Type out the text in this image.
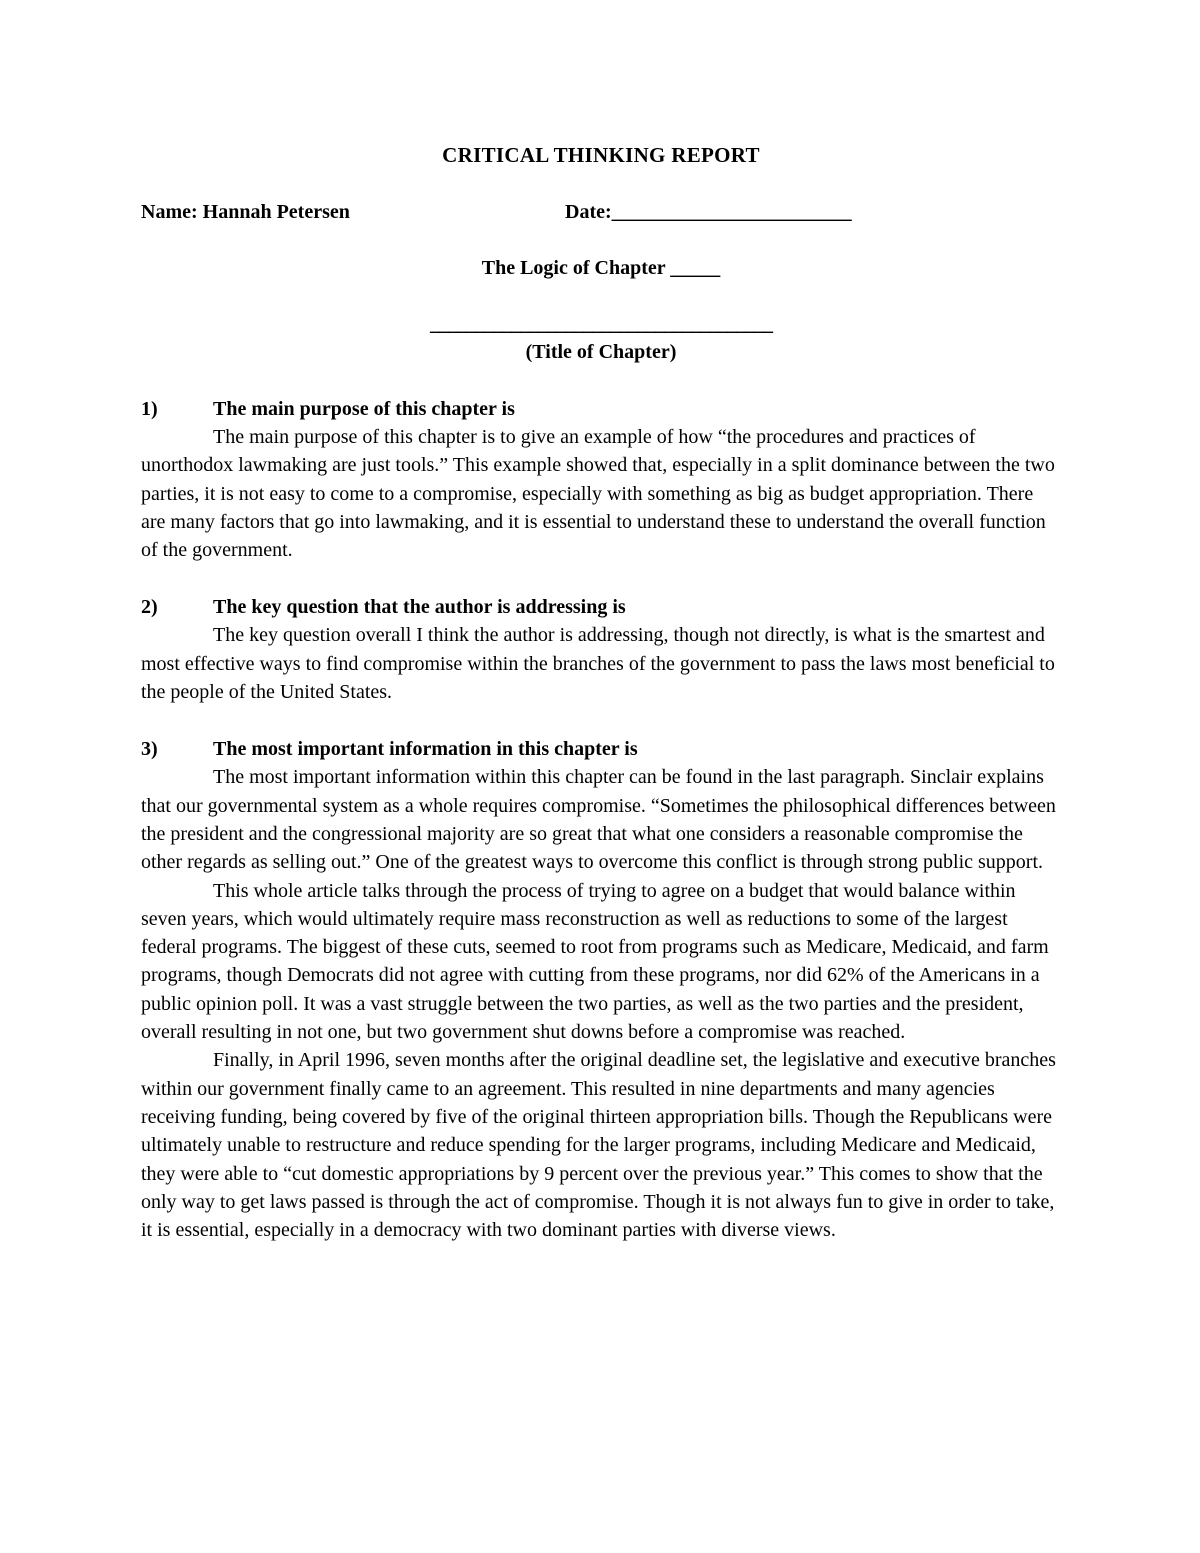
CRITICAL THINKING REPORT
Name: Hannah Petersen	Date:________________________
The Logic of Chapter _____
______________________________________
(Title of Chapter)
1)	The main purpose of this chapter is

The main purpose of this chapter is to give an example of how “the procedures and practices of unorthodox lawmaking are just tools.” This example showed that, especially in a split dominance between the two parties, it is not easy to come to a compromise, especially with something as big as budget appropriation. There are many factors that go into lawmaking, and it is essential to understand these to understand the overall function of the government.

2)	The key question that the author is addressing is

The key question overall I think the author is addressing, though not directly, is what is the smartest and most effective ways to find compromise within the branches of the government to pass the laws most beneficial to the people of the United States.

3)	The most important information in this chapter is

The most important information within this chapter can be found in the last paragraph. Sinclair explains that our governmental system as a whole requires compromise. “Sometimes the philosophical differences between the president and the congressional majority are so great that what one considers a reasonable compromise the other regards as selling out.” One of the greatest ways to overcome this conflict is through strong public support.

This whole article talks through the process of trying to agree on a budget that would balance within seven years, which would ultimately require mass reconstruction as well as reductions to some of the largest federal programs. The biggest of these cuts, seemed to root from programs such as Medicare, Medicaid, and farm programs, though Democrats did not agree with cutting from these programs, nor did 62% of the Americans in a public opinion poll. It was a vast struggle between the two parties, as well as the two parties and the president, overall resulting in not one, but two government shut downs before a compromise was reached.

Finally, in April 1996, seven months after the original deadline set, the legislative and executive branches within our government finally came to an agreement. This resulted in nine departments and many agencies receiving funding, being covered by five of the original thirteen appropriation bills. Though the Republicans were ultimately unable to restructure and reduce spending for the larger programs, including Medicare and Medicaid, they were able to “cut domestic appropriations by 9 percent over the previous year.” This comes to show that the only way to get laws passed is through the act of compromise. Though it is not always fun to give in order to take, it is essential, especially in a democracy with two dominant parties with diverse views.
